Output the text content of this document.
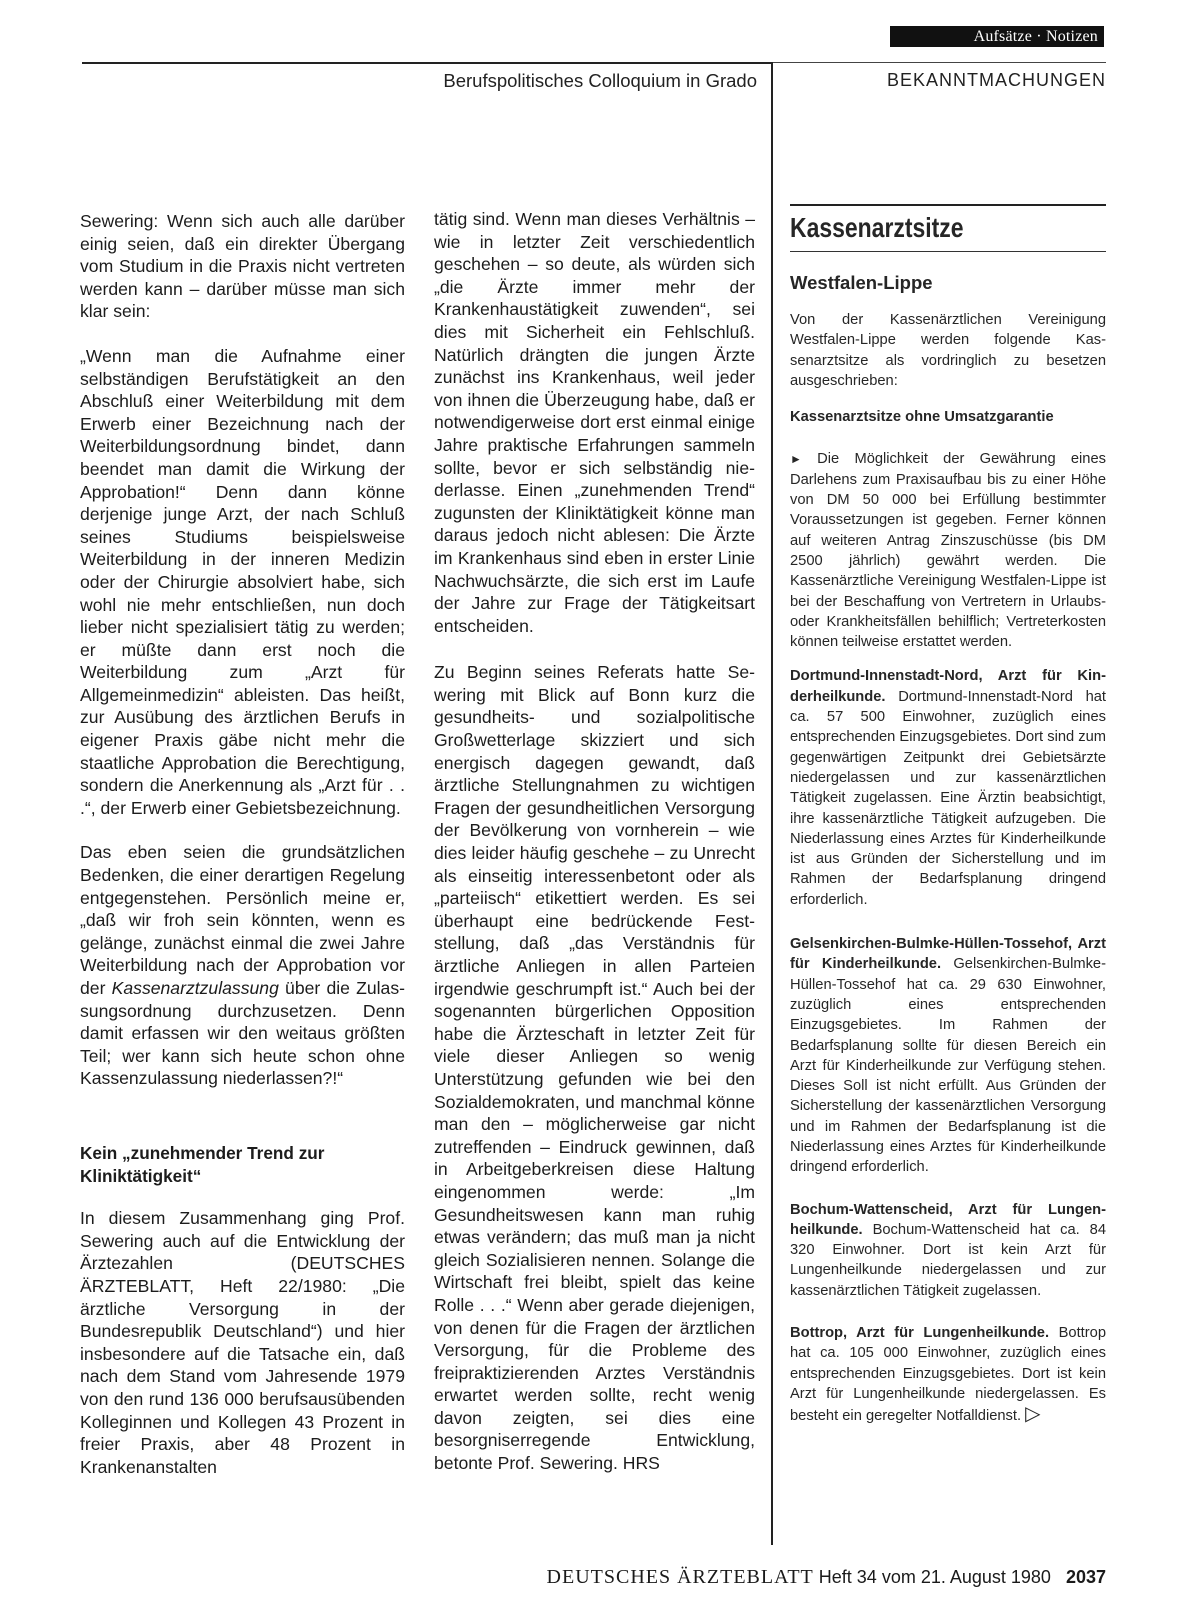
Aufsätze · Notizen
Berufspolitisches Colloquium in Grado	BEKANNTMACHUNGEN

Sewering: Wenn sich auch alle darüber einig seien, daß ein direkter Übergang vom Studium in die Praxis nicht vertreten werden kann – darüber müsse man sich klar sein:

„Wenn man die Aufnahme einer selbständigen Berufstätigkeit an den Abschluß einer Weiterbildung mit dem Erwerb einer Bezeichnung nach der Weiterbildungsordnung bindet, dann beendet man damit die Wirkung der Approbation!“ Denn dann könne derjenige junge Arzt, der nach Schluß seines Studiums beispielsweise Weiterbildung in der inneren Medizin oder der Chirurgie absolviert habe, sich wohl nie mehr entschließen, nun doch lieber nicht spezialisiert tätig zu werden; er müßte dann erst noch die Weiterbildung zum „Arzt für Allgemeinmedizin“ ableisten. Das heißt, zur Ausübung des ärztlichen Berufs in eigener Praxis gäbe nicht mehr die staatliche Approbation die Berechtigung, sondern die Anerkennung als „Arzt für . . .“, der Erwerb einer Gebietsbezeichnung.

Das eben seien die grundsätzlichen Bedenken, die einer derartigen Regelung entgegenstehen. Persönlich meine er, „daß wir froh sein könnten, wenn es gelänge, zunächst einmal die zwei Jahre Weiterbildung nach der Approbation vor der Kassenarztzulassung über die Zulassungsordnung durchzusetzen. Denn damit erfassen wir den weitaus größten Teil; wer kann sich heute schon ohne Kassenzulassung niederlassen?!“

Kein „zunehmender Trend zur Kliniktätigkeit“

In diesem Zusammenhang ging Prof. Sewering auch auf die Entwicklung der Ärztezahlen (DEUTSCHES ÄRZTEBLATT, Heft 22/1980: „Die ärztliche Versorgung in der Bundesrepublik Deutschland“) und hier insbesondere auf die Tatsache ein, daß nach dem Stand vom Jahresende 1979 von den rund 136 000 berufsausübenden Kolleginnen und Kollegen 43 Prozent in freier Praxis, aber 48 Prozent in Krankenanstalten

tätig sind. Wenn man dieses Verhältnis – wie in letzter Zeit verschiedentlich geschehen – so deute, als würden sich „die Ärzte immer mehr der Krankenhaustätigkeit zuwenden“, sei dies mit Sicherheit ein Fehlschluß. Natürlich drängten die jungen Ärzte zunächst ins Krankenhaus, weil jeder von ihnen die Überzeugung habe, daß er notwendigerweise dort erst einmal einige Jahre praktische Erfahrungen sammeln sollte, bevor er sich selbständig niederlasse. Einen „zunehmenden Trend“ zugunsten der Kliniktätigkeit könne man daraus jedoch nicht ablesen: Die Ärzte im Krankenhaus sind eben in erster Linie Nachwuchsärzte, die sich erst im Laufe der Jahre zur Frage der Tätigkeitsart entscheiden.

Zu Beginn seines Referats hatte Sewering mit Blick auf Bonn kurz die gesundheits- und sozialpolitische Großwetterlage skizziert und sich energisch dagegen gewandt, daß ärztliche Stellungnahmen zu wichtigen Fragen der gesundheitlichen Versorgung der Bevölkerung von vornherein – wie dies leider häufig geschehe – zu Unrecht als einseitig interessenbetont oder als „parteiisch“ etikettiert werden. Es sei überhaupt eine bedrückende Feststellung, daß „das Verständnis für ärztliche Anliegen in allen Parteien irgendwie geschrumpft ist.“ Auch bei der sogenannten bürgerlichen Opposition habe die Ärzteschaft in letzter Zeit für viele dieser Anliegen so wenig Unterstützung gefunden wie bei den Sozialdemokraten, und manchmal könne man den – möglicherweise gar nicht zutreffenden – Eindruck gewinnen, daß in Arbeitgeberkreisen diese Haltung eingenommen werde: „Im Gesundheitswesen kann man ruhig etwas verändern; das muß man ja nicht gleich Sozialisieren nennen. Solange die Wirtschaft frei bleibt, spielt das keine Rolle . . .“ Wenn aber gerade diejenigen, von denen für die Fragen der ärztlichen Versorgung, für die Probleme des freipraktizierenden Arztes Verständnis erwartet werden sollte, recht wenig davon zeigten, sei dies eine besorgniserregende Entwicklung, betonte Prof. Sewering. HRS

Kassenarztsitze
Westfalen-Lippe

Von der Kassenärztlichen Vereinigung Westfalen-Lippe werden folgende Kassenarztsitze als vordringlich zu besetzen ausgeschrieben:

Kassenarztsitze ohne Umsatzgarantie

► Die Möglichkeit der Gewährung eines Darlehens zum Praxisaufbau bis zu einer Höhe von DM 50 000 bei Erfüllung bestimmter Voraussetzungen ist gegeben. Ferner können auf weiteren Antrag Zinszuschüsse (bis DM 2500 jährlich) gewährt werden. Die Kassenärztliche Vereinigung Westfalen-Lippe ist bei der Beschaffung von Vertretern in Urlaubs- oder Krankheitsfällen behilflich; Vertreterkosten können teilweise erstattet werden.

Dortmund-Innenstadt-Nord, Arzt für Kinderheilkunde. Dortmund-Innenstadt-Nord hat ca. 57 500 Einwohner, zuzüglich eines entsprechenden Einzugsgebietes. Dort sind zum gegenwärtigen Zeitpunkt drei Gebietsärzte niedergelassen und zur kassenärztlichen Tätigkeit zugelassen. Eine Ärztin beabsichtigt, ihre kassenärztliche Tätigkeit aufzugeben. Die Niederlassung eines Arztes für Kinderheilkunde ist aus Gründen der Sicherstellung und im Rahmen der Bedarfsplanung dringend erforderlich.

Gelsenkirchen-Bulmke-Hüllen-Tossehof, Arzt für Kinderheilkunde. Gelsenkirchen-Bulmke-Hüllen-Tossehof hat ca. 29 630 Einwohner, zuzüglich eines entsprechenden Einzugsgebietes. Im Rahmen der Bedarfsplanung sollte für diesen Bereich ein Arzt für Kinderheilkunde zur Verfügung stehen. Dieses Soll ist nicht erfüllt. Aus Gründen der Sicherstellung der kassenärztlichen Versorgung und im Rahmen der Bedarfsplanung ist die Niederlassung eines Arztes für Kinderheilkunde dringend erforderlich.

Bochum-Wattenscheid, Arzt für Lungenheilkunde. Bochum-Wattenscheid hat ca. 84 320 Einwohner. Dort ist kein Arzt für Lungenheilkunde niedergelassen und zur kassenärztlichen Tätigkeit zugelassen.

Bottrop, Arzt für Lungenheilkunde. Bottrop hat ca. 105 000 Einwohner, zuzüglich eines entsprechenden Einzugsgebietes. Dort ist kein Arzt für Lungenheilkunde niedergelassen. Es besteht ein geregelter Notfalldienst. ▷

DEUTSCHES ÄRZTEBLATT Heft 34 vom 21. August 1980 2037
